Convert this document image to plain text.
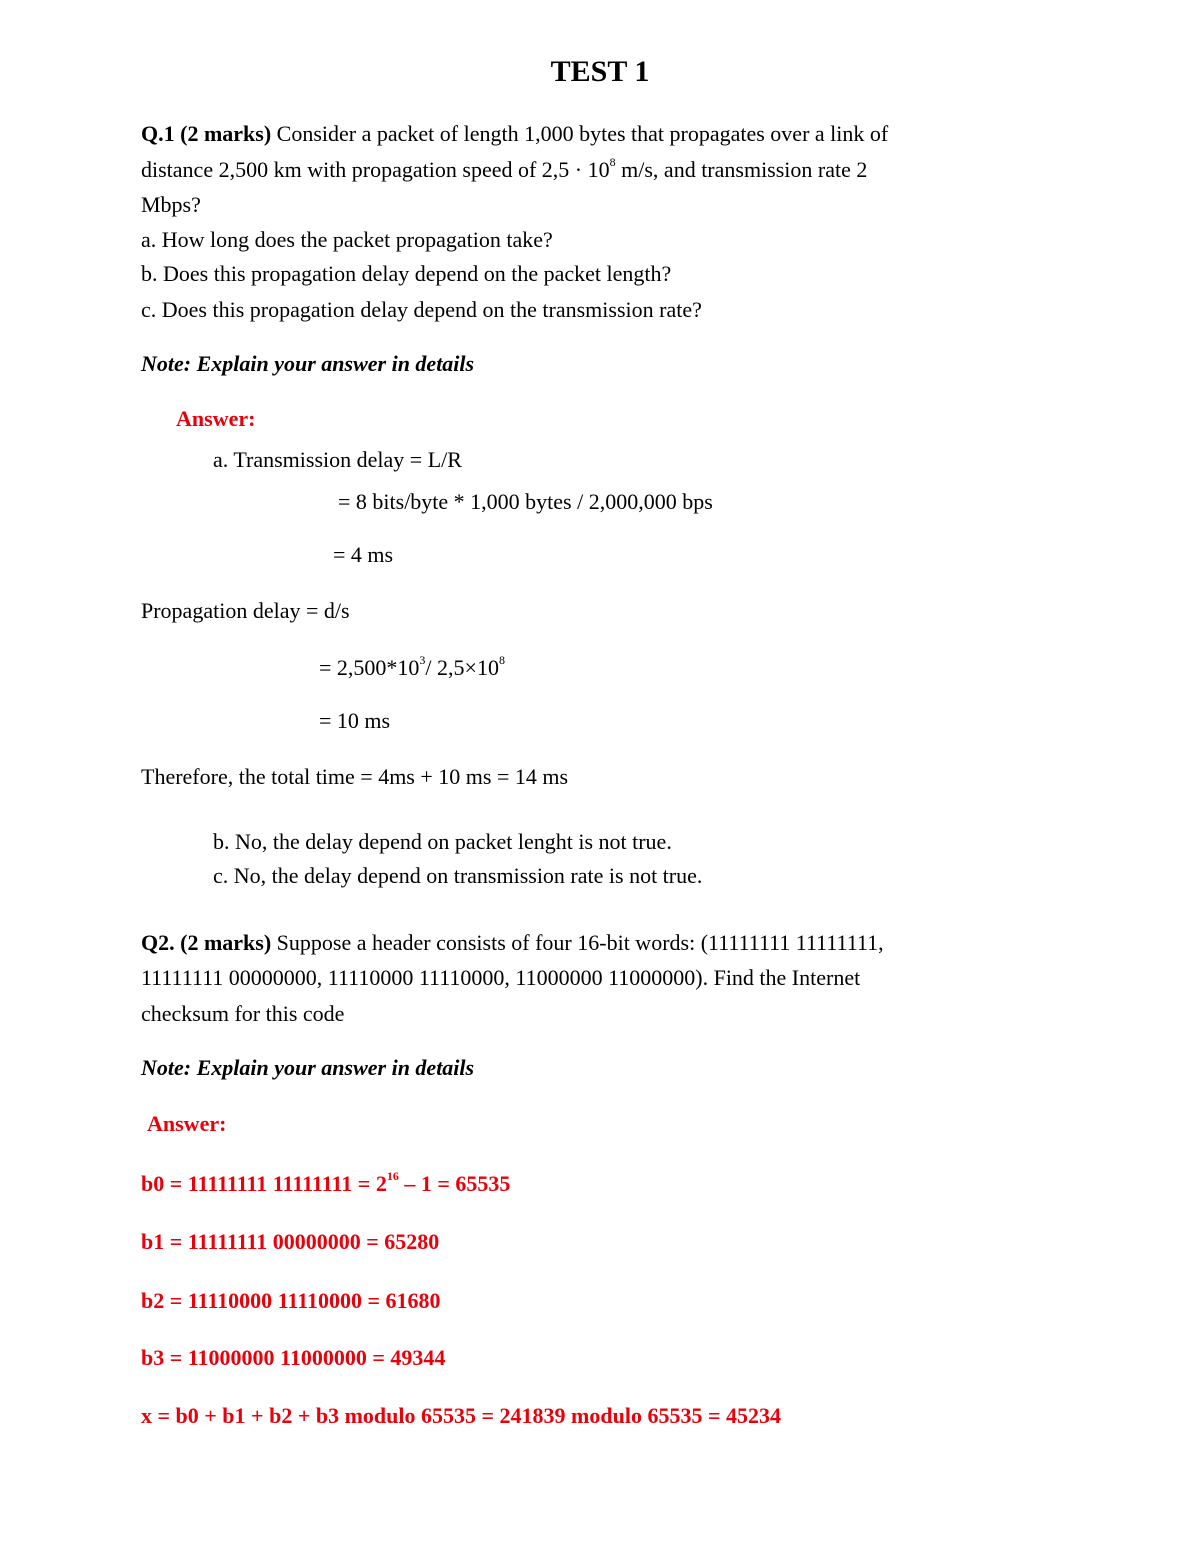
TEST 1
Q.1 (2 marks) Consider a packet of length 1,000 bytes that propagates over a link of
distance 2,500 km with propagation speed of $2,5 \cdot 10^8$ m/s, and transmission rate 2
Mbps?
a. How long does the packet propagation take?
b. Does this propagation delay depend on the packet length?
c. Does this propagation delay depend on the transmission rate?
Note: Explain your answer in details
Answer:
a. Transmission delay = L/R
= 8 bits/byte * 1,000 bytes / 2,000,000 bps
= 4 ms
Propagation delay = d/s
= $2,500*10^3/$ $2,5\times 10^8$
= 10 ms
Therefore, the total time = 4ms + 10 ms = 14 ms
b. No, the delay depend on packet lenght is not true.
c. No, the delay depend on transmission rate is not true.
Q2. (2 marks) Suppose a header consists of four 16-bit words: (11111111 11111111,
11111111 00000000, 11110000 11110000, 11000000 11000000). Find the Internet
checksum for this code
Note: Explain your answer in details
Answer:
b0 = 11111111 $11111111 = 2^{16} - 1 = 65535$
b1 = 11111111 00000000 = 65280
b2 = 11110000 11110000 = 61680
b3 = 11000000 11000000 = 49344
x = b0 + b1 + b2 + b3 modulo 65535 = 241839 modulo 65535 = 45234
